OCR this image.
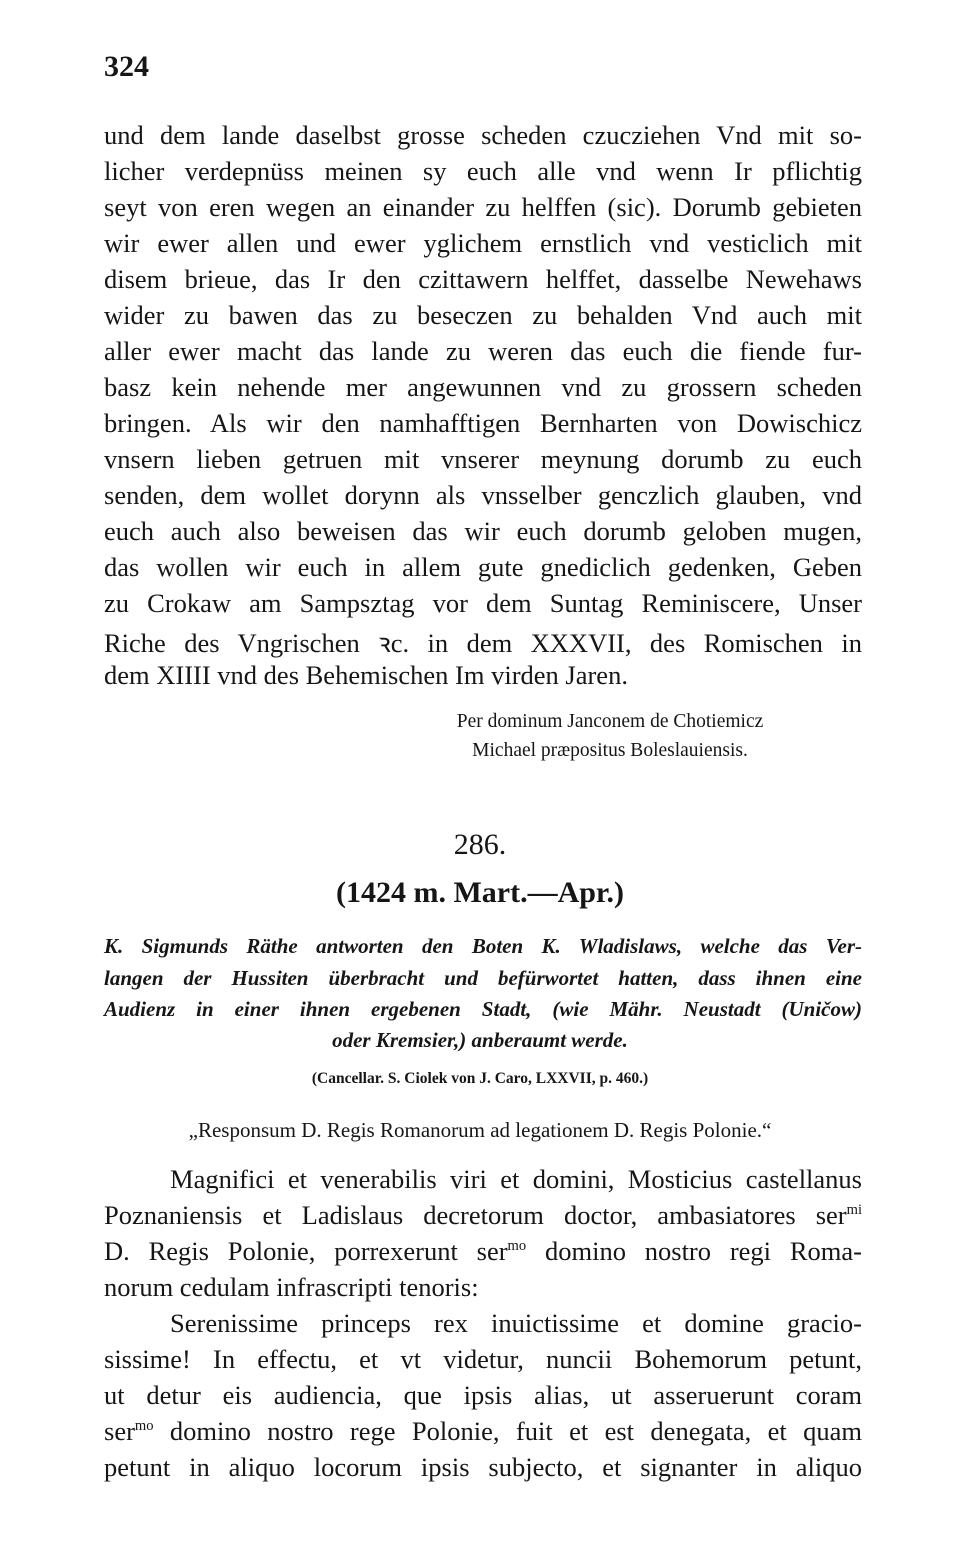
324
und dem lande daselbst grosse scheden czucziehen Vnd mit so-
licher verdepnüss meinen sy euch alle vnd wenn Ir pflichtig
seyt von eren wegen an einander zu helffen (sic). Dorumb gebieten
wir ewer allen und ewer yglichem ernstlich vnd vesticlich mit
disem brieue, das Ir den czittawern helffet, dasselbe Newehaws
wider zu bawen das zu beseczen zu behalden Vnd auch mit
aller ewer macht das lande zu weren das euch die fiende fur-
basz kein nehende mer angewunnen vnd zu grossern scheden
bringen. Als wir den namhafftigen Bernharten von Dowischicz
vnsern lieben getruen mit vnserer meynung dorumb zu euch
senden, dem wollet dorynn als vnsselber genczlich glauben, vnd
euch auch also beweisen das wir euch dorumb geloben mugen,
das wollen wir euch in allem gute gnediclich gedenken, Geben
zu Crokaw am Sampsztag vor dem Suntag Reminiscere, Unser
Riche des Vngrischen ꝛc. in dem XXXVII, des Romischen in
dem XIIII vnd des Behemischen Im virden Jaren.
Per dominum Janconem de Chotiemicz
Michael præpositus Boleslauiensis.
286.
(1424 m. Mart.—Apr.)
K. Sigmunds Räthe antworten den Boten K. Wladislaws, welche das Ver-
langen der Hussiten überbracht und befürwortet hatten, dass ihnen eine
Audienz in einer ihnen ergebenen Stadt, (wie Mähr. Neustadt (Uničow)
oder Kremsier,) anberaumt werde.
(Cancellar. S. Ciolek von J. Caro, LXXVII, p. 460.)
„Responsum D. Regis Romanorum ad legationem D. Regis Polonie.“
Magnifici et venerabilis viri et domini, Mosticius castellanus
Poznaniensis et Ladislaus decretorum doctor, ambasiatores ser$^{mi}$
D. Regis Polonie, porrexerunt ser$^{mo}$ domino nostro regi Roma-
norum cedulam infrascripti tenoris:
Serenissime princeps rex inuictissime et domine gracio-
sissime! In effectu, et vt videtur, nuncii Bohemorum petunt,
ut detur eis audiencia, que ipsis alias, ut asseruerunt coram
ser$^{mo}$ domino nostro rege Polonie, fuit et est denegata, et quam
petunt in aliquo locorum ipsis subjecto, et signanter in aliquo
